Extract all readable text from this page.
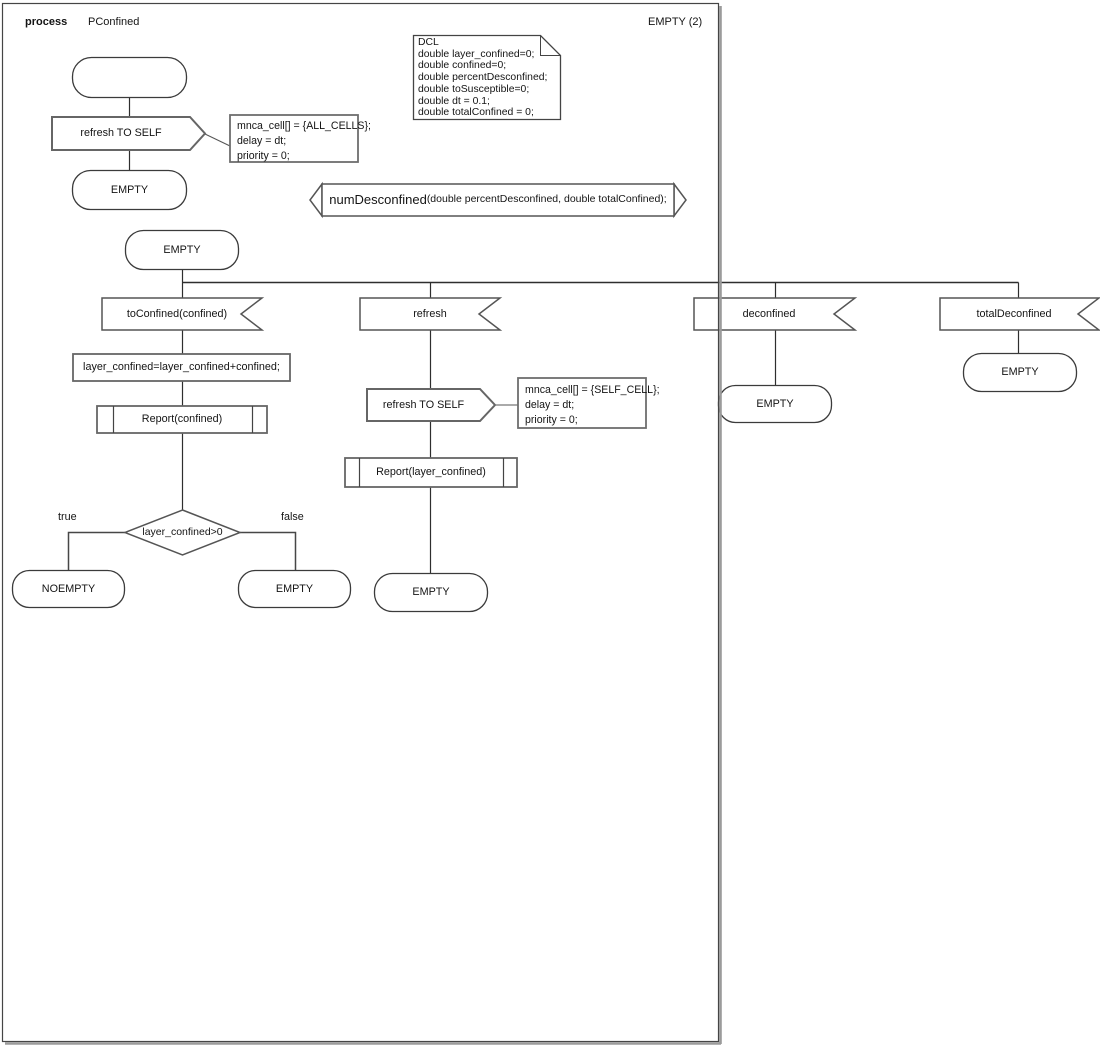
process PConfined	EMPTY (2)
refresh TO SELF
mnca_cell[] = {ALL_CELLS};
delay = dt;
priority = 0;
EMPTY
DCL
double layer_confined=0;
double confined=0;
double percentDesconfined;
double toSusceptible=0;
double dt = 0.1;
double totalConfined = 0;
numDesconfined (double percentDesconfined, double totalConfined);
EMPTY
toConfined(confined)
layer_confined=layer_confined+confined;
Report(confined)
layer_confined>0
true	false
NOEMPTY	EMPTY
refresh
refresh TO SELF
mnca_cell[] = {SELF_CELL};
delay = dt;
priority = 0;
Report(layer_confined)
EMPTY
deconfined
EMPTY
totalDeconfined
EMPTY
